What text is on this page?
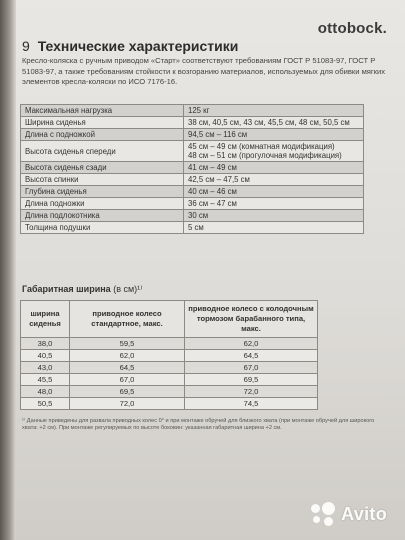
ottobock.
9 Технические характеристики
Кресло-коляска с ручным приводом «Старт» соответствуют требованиям ГОСТ Р 51083-97, ГОСТ Р 51083-97, а также требованиям стойкости к возгоранию материалов, используемых для обивки мягких элементов кресла-коляски по ИСО 7176-16.
Максимальная нагрузка	125 кг

Ширина сиденья	38 см, 40,5 см, 43 см, 45,5 см, 48 см, 50,5 см

Длина с подножкой	94,5 см – 116 см

Высота сиденья спереди	45 см – 49 см (комнатная модификация)
48 см – 51 см (прогулочная модификация)

Высота сиденья сзади	41 см – 49 см

Высота спинки	42,5 см – 47,5 см

Глубина сиденья	40 см – 46 см

Длина подножки	36 см – 47 см

Длина подлокотника	30 см

Толщина подушки	5 см
Габаритная ширина (в см)¹⁾
ширина сиденья	приводное колесо стандартное, макс.	приводное колесо с колодочным тормозом барабанного типа, макс.
38,0	59,5	62,0
40,5	62,0	64,5
43,0	64,5	67,0
45,5	67,0	69,5
48,0	69,5	72,0
50,5	72,0	74,5
¹⁾ Данные приведены для развала приводных колес 0° и при монтаже обручей для близкого хвата (при монтаже обручей для широкого хвата: +2 см). При монтаже регулируемых по высоте боковин: указанная габаритная ширина +2 см.
Avito
